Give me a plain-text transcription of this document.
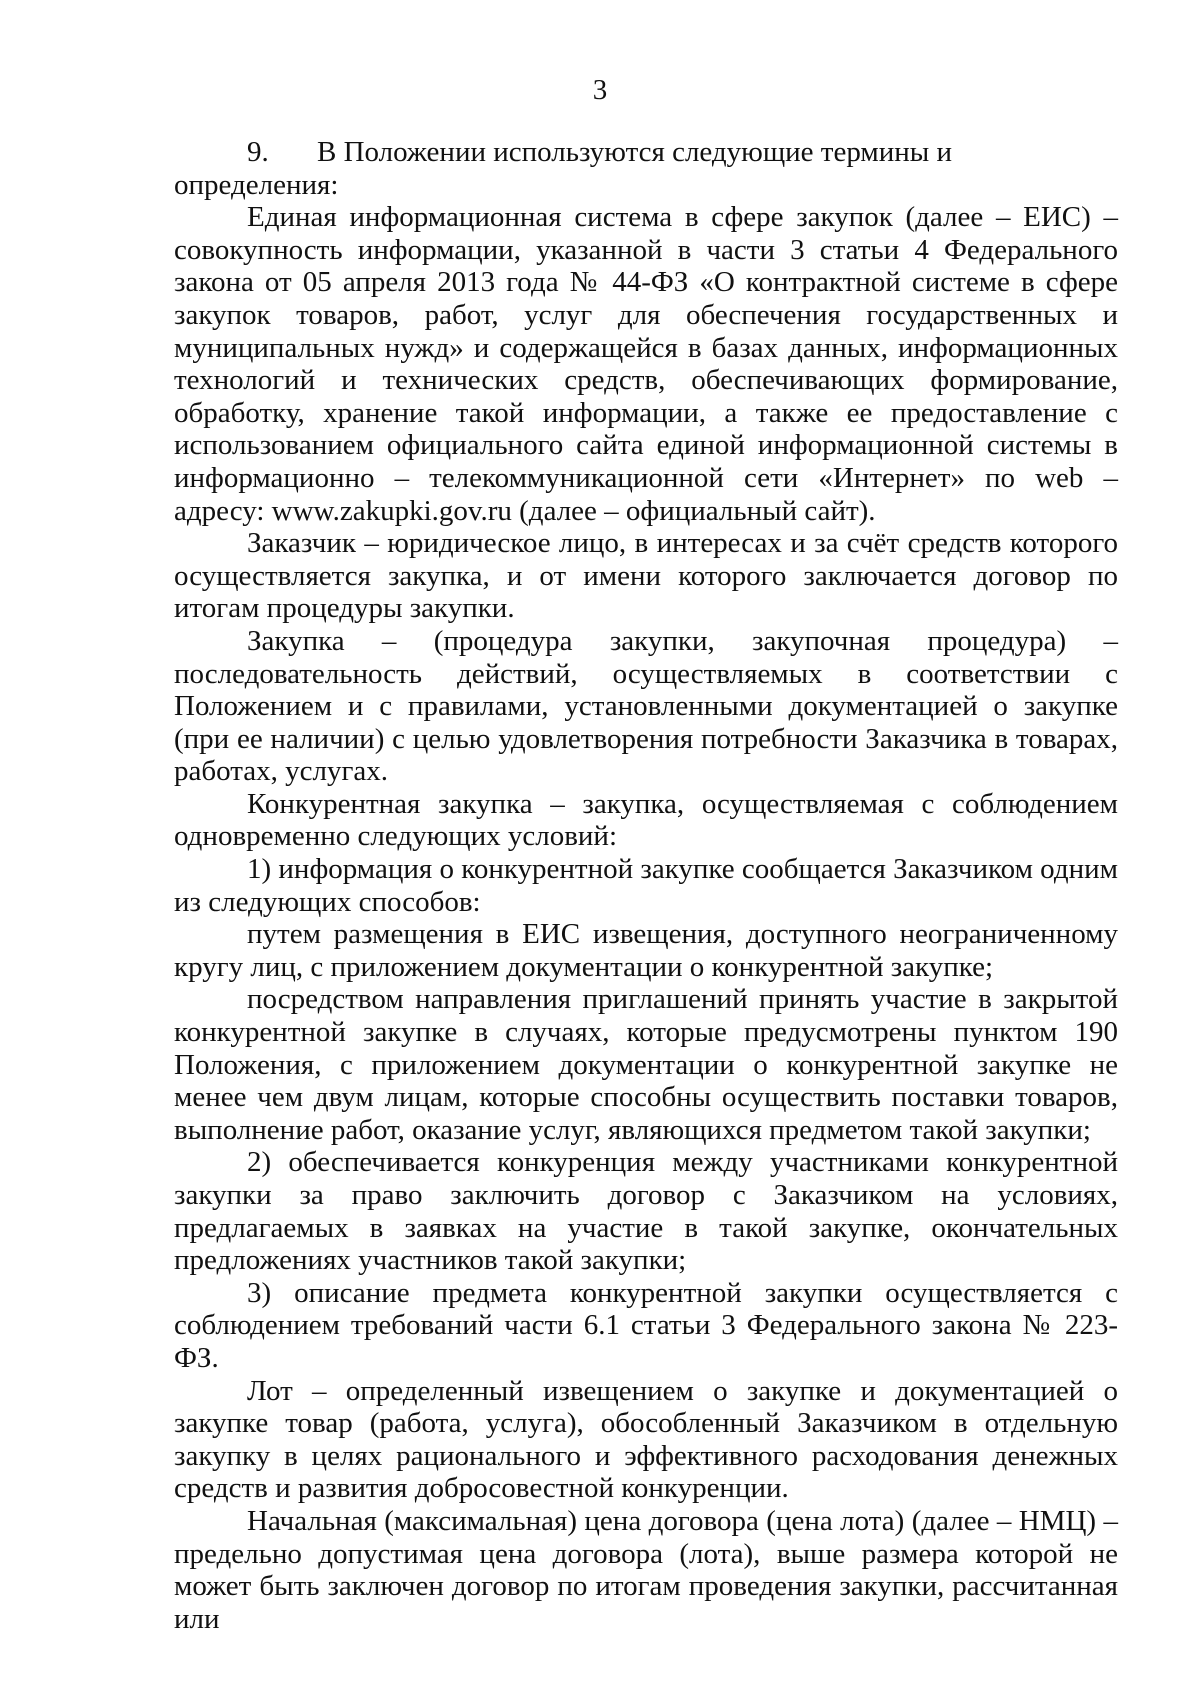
3

9. В Положении используются следующие термины и определения:

Единая информационная система в сфере закупок (далее – ЕИС) – совокупность информации, указанной в части 3 статьи 4 Федерального закона от 05 апреля 2013 года № 44-ФЗ «О контрактной системе в сфере закупок товаров, работ, услуг для обеспечения государственных и муниципальных нужд» и содержащейся в базах данных, информационных технологий и технических средств, обеспечивающих формирование, обработку, хранение такой информации, а также ее предоставление с использованием официального сайта единой информационной системы в информационно – телекоммуникационной сети «Интернет» по web – адресу: www.zakupki.gov.ru (далее – официальный сайт).

Заказчик – юридическое лицо, в интересах и за счёт средств которого осуществляется закупка, и от имени которого заключается договор по итогам процедуры закупки.

Закупка – (процедура закупки, закупочная процедура) – последовательность действий, осуществляемых в соответствии с Положением и с правилами, установленными документацией о закупке (при ее наличии) с целью удовлетворения потребности Заказчика в товарах, работах, услугах.

Конкурентная закупка – закупка, осуществляемая с соблюдением одновременно следующих условий:

1) информация о конкурентной закупке сообщается Заказчиком одним из следующих способов:

путем размещения в ЕИС извещения, доступного неограниченному кругу лиц, с приложением документации о конкурентной закупке;

посредством направления приглашений принять участие в закрытой конкурентной закупке в случаях, которые предусмотрены пунктом 190 Положения, с приложением документации о конкурентной закупке не менее чем двум лицам, которые способны осуществить поставки товаров, выполнение работ, оказание услуг, являющихся предметом такой закупки;

2) обеспечивается конкуренция между участниками конкурентной закупки за право заключить договор с Заказчиком на условиях, предлагаемых в заявках на участие в такой закупке, окончательных предложениях участников такой закупки;

3) описание предмета конкурентной закупки осуществляется с соблюдением требований части 6.1 статьи 3 Федерального закона № 223-ФЗ.

Лот – определенный извещением о закупке и документацией о закупке товар (работа, услуга), обособленный Заказчиком в отдельную закупку в целях рационального и эффективного расходования денежных средств и развития добросовестной конкуренции.

Начальная (максимальная) цена договора (цена лота) (далее – НМЦ) – предельно допустимая цена договора (лота), выше размера которой не может быть заключен договор по итогам проведения закупки, рассчитанная или
